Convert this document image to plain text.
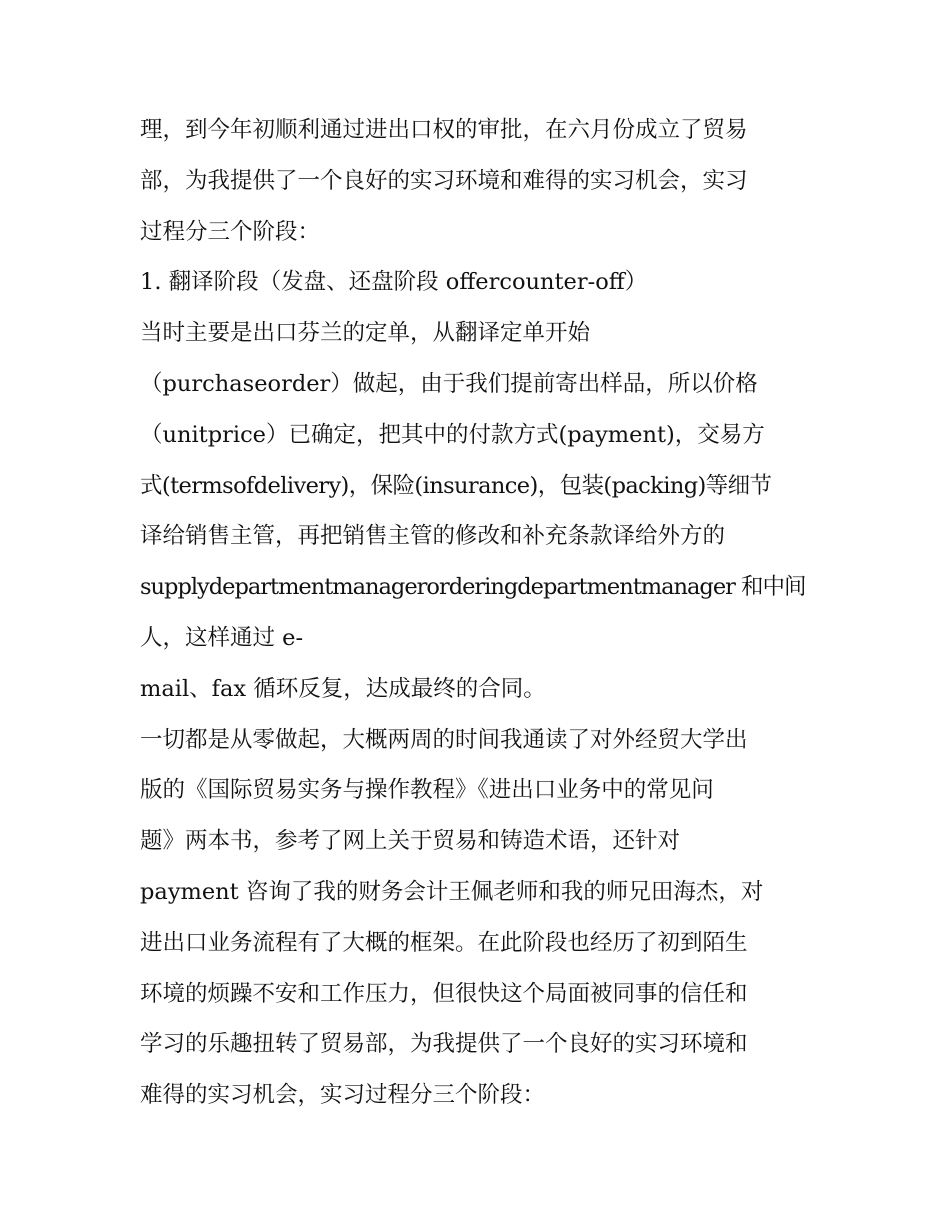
理，到今年初顺利通过进出口权的审批，在六月份成立了贸易
部，为我提供了一个良好的实习环境和难得的实习机会，实习
过程分三个阶段：
1. 翻译阶段（发盘、还盘阶段 offercounter-off）
当时主要是出口芬兰的定单，从翻译定单开始
（purchaseorder）做起，由于我们提前寄出样品，所以价格
（unitprice）已确定，把其中的付款方式(payment)，交易方
式(termsofdelivery)，保险(insurance)，包装(packing)等细节
译给销售主管，再把销售主管的修改和补充条款译给外方的
supplydepartmentmanagerorderingdepartmentmanager 和中间
人，这样通过 e-
mail、fax 循环反复，达成最终的合同。
一切都是从零做起，大概两周的时间我通读了对外经贸大学出
版的《国际贸易实务与操作教程》《进出口业务中的常见问
题》两本书，参考了网上关于贸易和铸造术语，还针对
payment 咨询了我的财务会计王佩老师和我的师兄田海杰，对
进出口业务流程有了大概的框架。在此阶段也经历了初到陌生
环境的烦躁不安和工作压力，但很快这个局面被同事的信任和
学习的乐趣扭转了贸易部，为我提供了一个良好的实习环境和
难得的实习机会，实习过程分三个阶段：
